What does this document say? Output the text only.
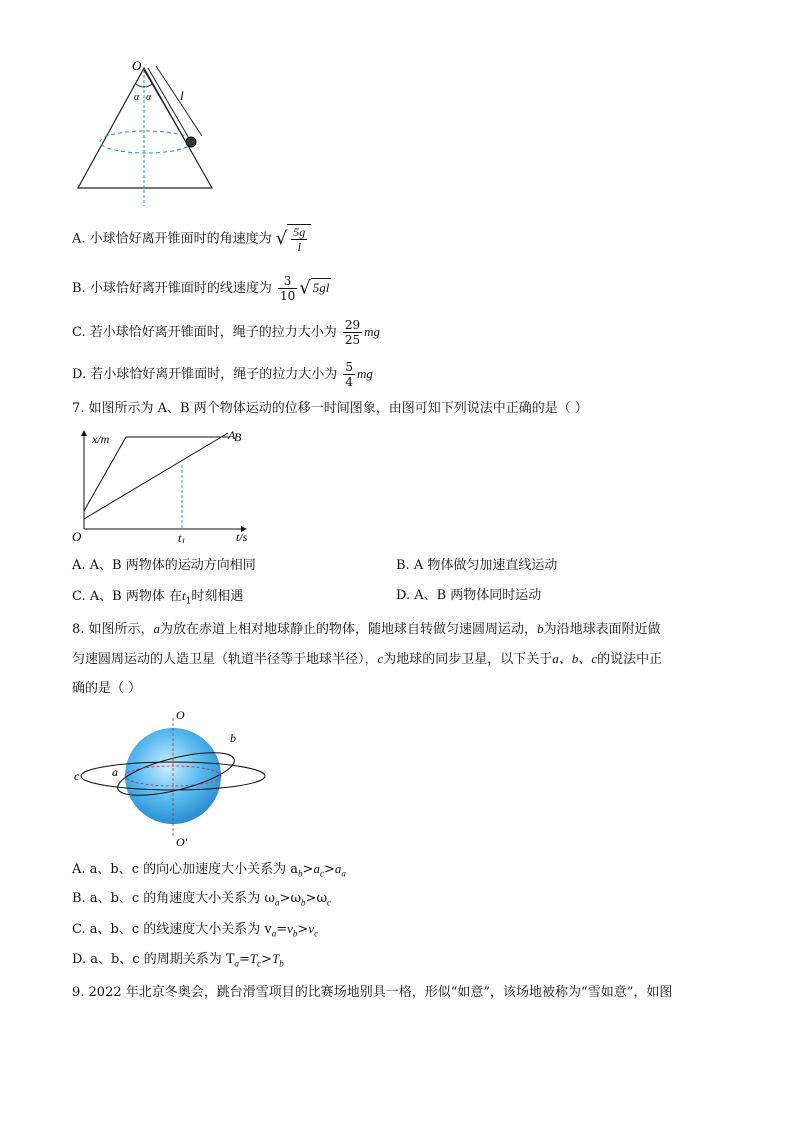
O
α α l
A. 小球恰好离开锥面时的角速度为 √ $\frac{5g}{l}$
B. 小球恰好离开锥面时的线速度为 $\frac{3}{10}$ √ 5gl
C. 若小球恰好离开锥面时，绳子的拉力大小为 $\frac{29}{25}$ mg
D. 若小球恰好离开锥面时，绳子的拉力大小为 $\frac{5}{4}$ mg
7. 如图所示为 A、B 两个物体运动的位移一时间图象，由图可知下列说法中正确的是（ ）
x/m	A
B
O	t1	t/s
A. A、B 两物体的运动方向相同	B. A 物体做匀加速直线运动
C. A、B 两物体 在$t_1$时刻相遇	D. A、B 两物体同时运动
8. 如图所示，a为放在赤道上相对地球静止的物体，随地球自转做匀速圆周运动，b为沿地球表面附近做
匀速圆周运动的人造卫星（轨道半径等于地球半径），c为地球的同步卫星，以下关于a、b、c的说法中正
确的是（ ）
O
O′
b
c	a
A. a、b、c 的向心加速度大小关系为 $a_b>a_c>a_a$
B. a、b、c 的角速度大小关系为 $\omega_a>\omega_b>\omega_c$
C. a、b、c 的线速度大小关系为 $v_a=v_b>v_c$
D. a、b、c 的周期关系为 $T_a=T_c>T_b$
9. 2022 年北京冬奥会，跳台滑雪项目的比赛场地别具一格，形似“如意”，该场地被称为“雪如意”，如图
